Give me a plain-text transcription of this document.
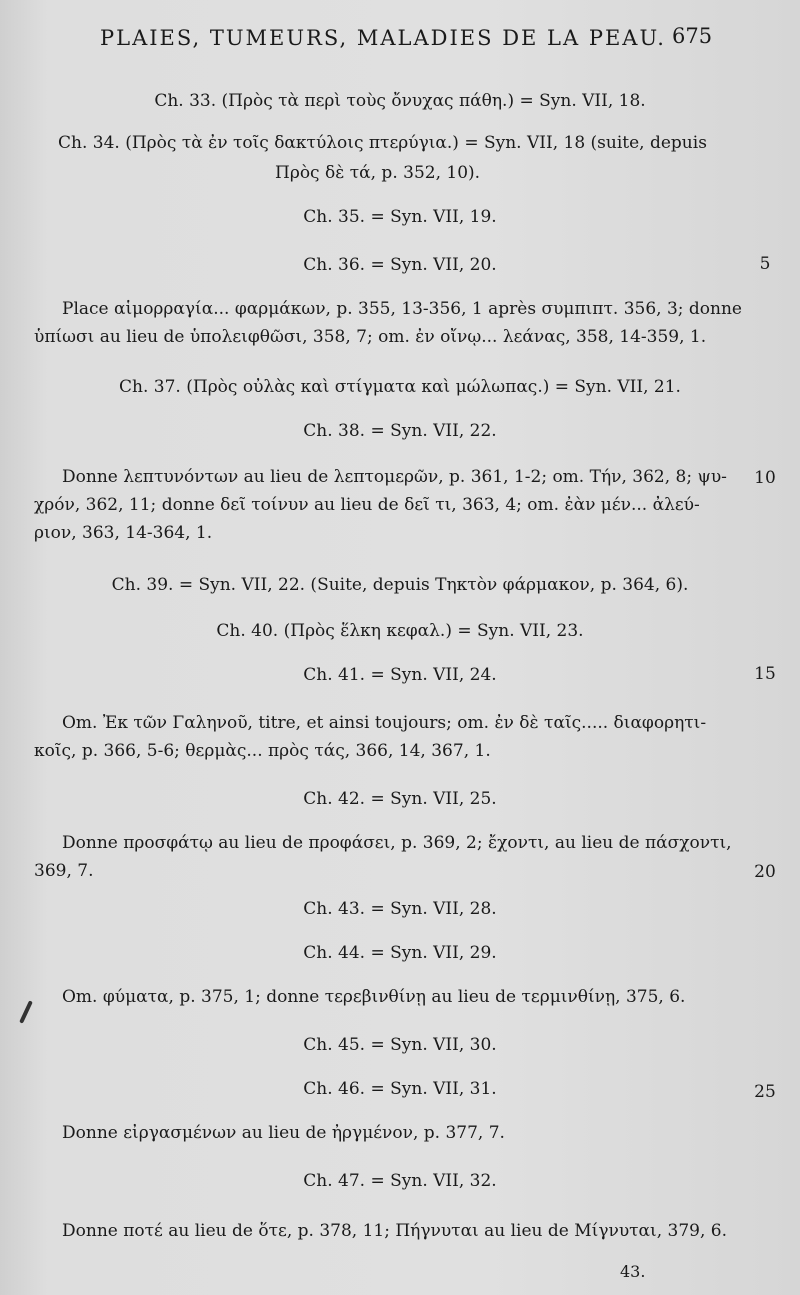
PLAIES, TUMEURS, MALADIES DE LA PEAU. 675
Ch. 33. (Πρὸς τὰ περὶ τοὺς ὄνυχας πάθη.) = Syn. VII, 18.
Ch. 34. (Πρὸς τὰ ἐν τοῖς δακτύλοις πτερύγια.) = Syn. VII, 18 (suite, depuis
Πρὸς δὲ τά, p. 352, 10).
Ch. 35. = Syn. VII, 19.
Ch. 36. = Syn. VII, 20.
Place αἱμορραγία... φαρμάκων, p. 355, 13-356, 1 après συμπιπτ. 356, 3; donne
ὑπίωσι au lieu de ὑπολειφθῶσι, 358, 7; om. ἐν οἴνῳ... λεάνας, 358, 14-359, 1.
Ch. 37. (Πρὸς οὐλὰς καὶ στίγματα καὶ μώλωπας.) = Syn. VII, 21.
Ch. 38. = Syn. VII, 22.
Donne λεπτυνόντων au lieu de λεπτομερῶν, p. 361, 1-2; om. Τήν, 362, 8; ψυ-
χρόν, 362, 11; donne δεῖ τοίνυν au lieu de δεῖ τι, 363, 4; om. ἐὰν μέν... ἀλεύ-
ριον, 363, 14-364, 1.
Ch. 39. = Syn. VII, 22. (Suite, depuis Τηκτὸν φάρμακον, p. 364, 6).
Ch. 40. (Πρὸς ἕλκη κεφαλ.) = Syn. VII, 23.
Ch. 41. = Syn. VII, 24.
Om. Ἐκ τῶν Γαληνοῦ, titre, et ainsi toujours; om. ἐν δὲ ταῖς..... διαφορητι-
κοῖς, p. 366, 5-6; θερμὰς... πρὸς τάς, 366, 14, 367, 1.
Ch. 42. = Syn. VII, 25.
Donne προσφάτῳ au lieu de προφάσει, p. 369, 2; ἔχοντι, au lieu de πάσχοντι,
369, 7.
Ch. 43. = Syn. VII, 28.
Ch. 44. = Syn. VII, 29.
Om. φύματα, p. 375, 1; donne τερεβινθίνῃ au lieu de τερμινθίνῃ, 375, 6.
Ch. 45. = Syn. VII, 30.
Ch. 46. = Syn. VII, 31.
Donne εἰργασμένων au lieu de ἠργμένον, p. 377, 7.
Ch. 47. = Syn. VII, 32.
Donne ποτέ au lieu de ὅτε, p. 378, 11; Πήγνυται au lieu de Μίγνυται, 379, 6.
5
10
15
20
25
43.
